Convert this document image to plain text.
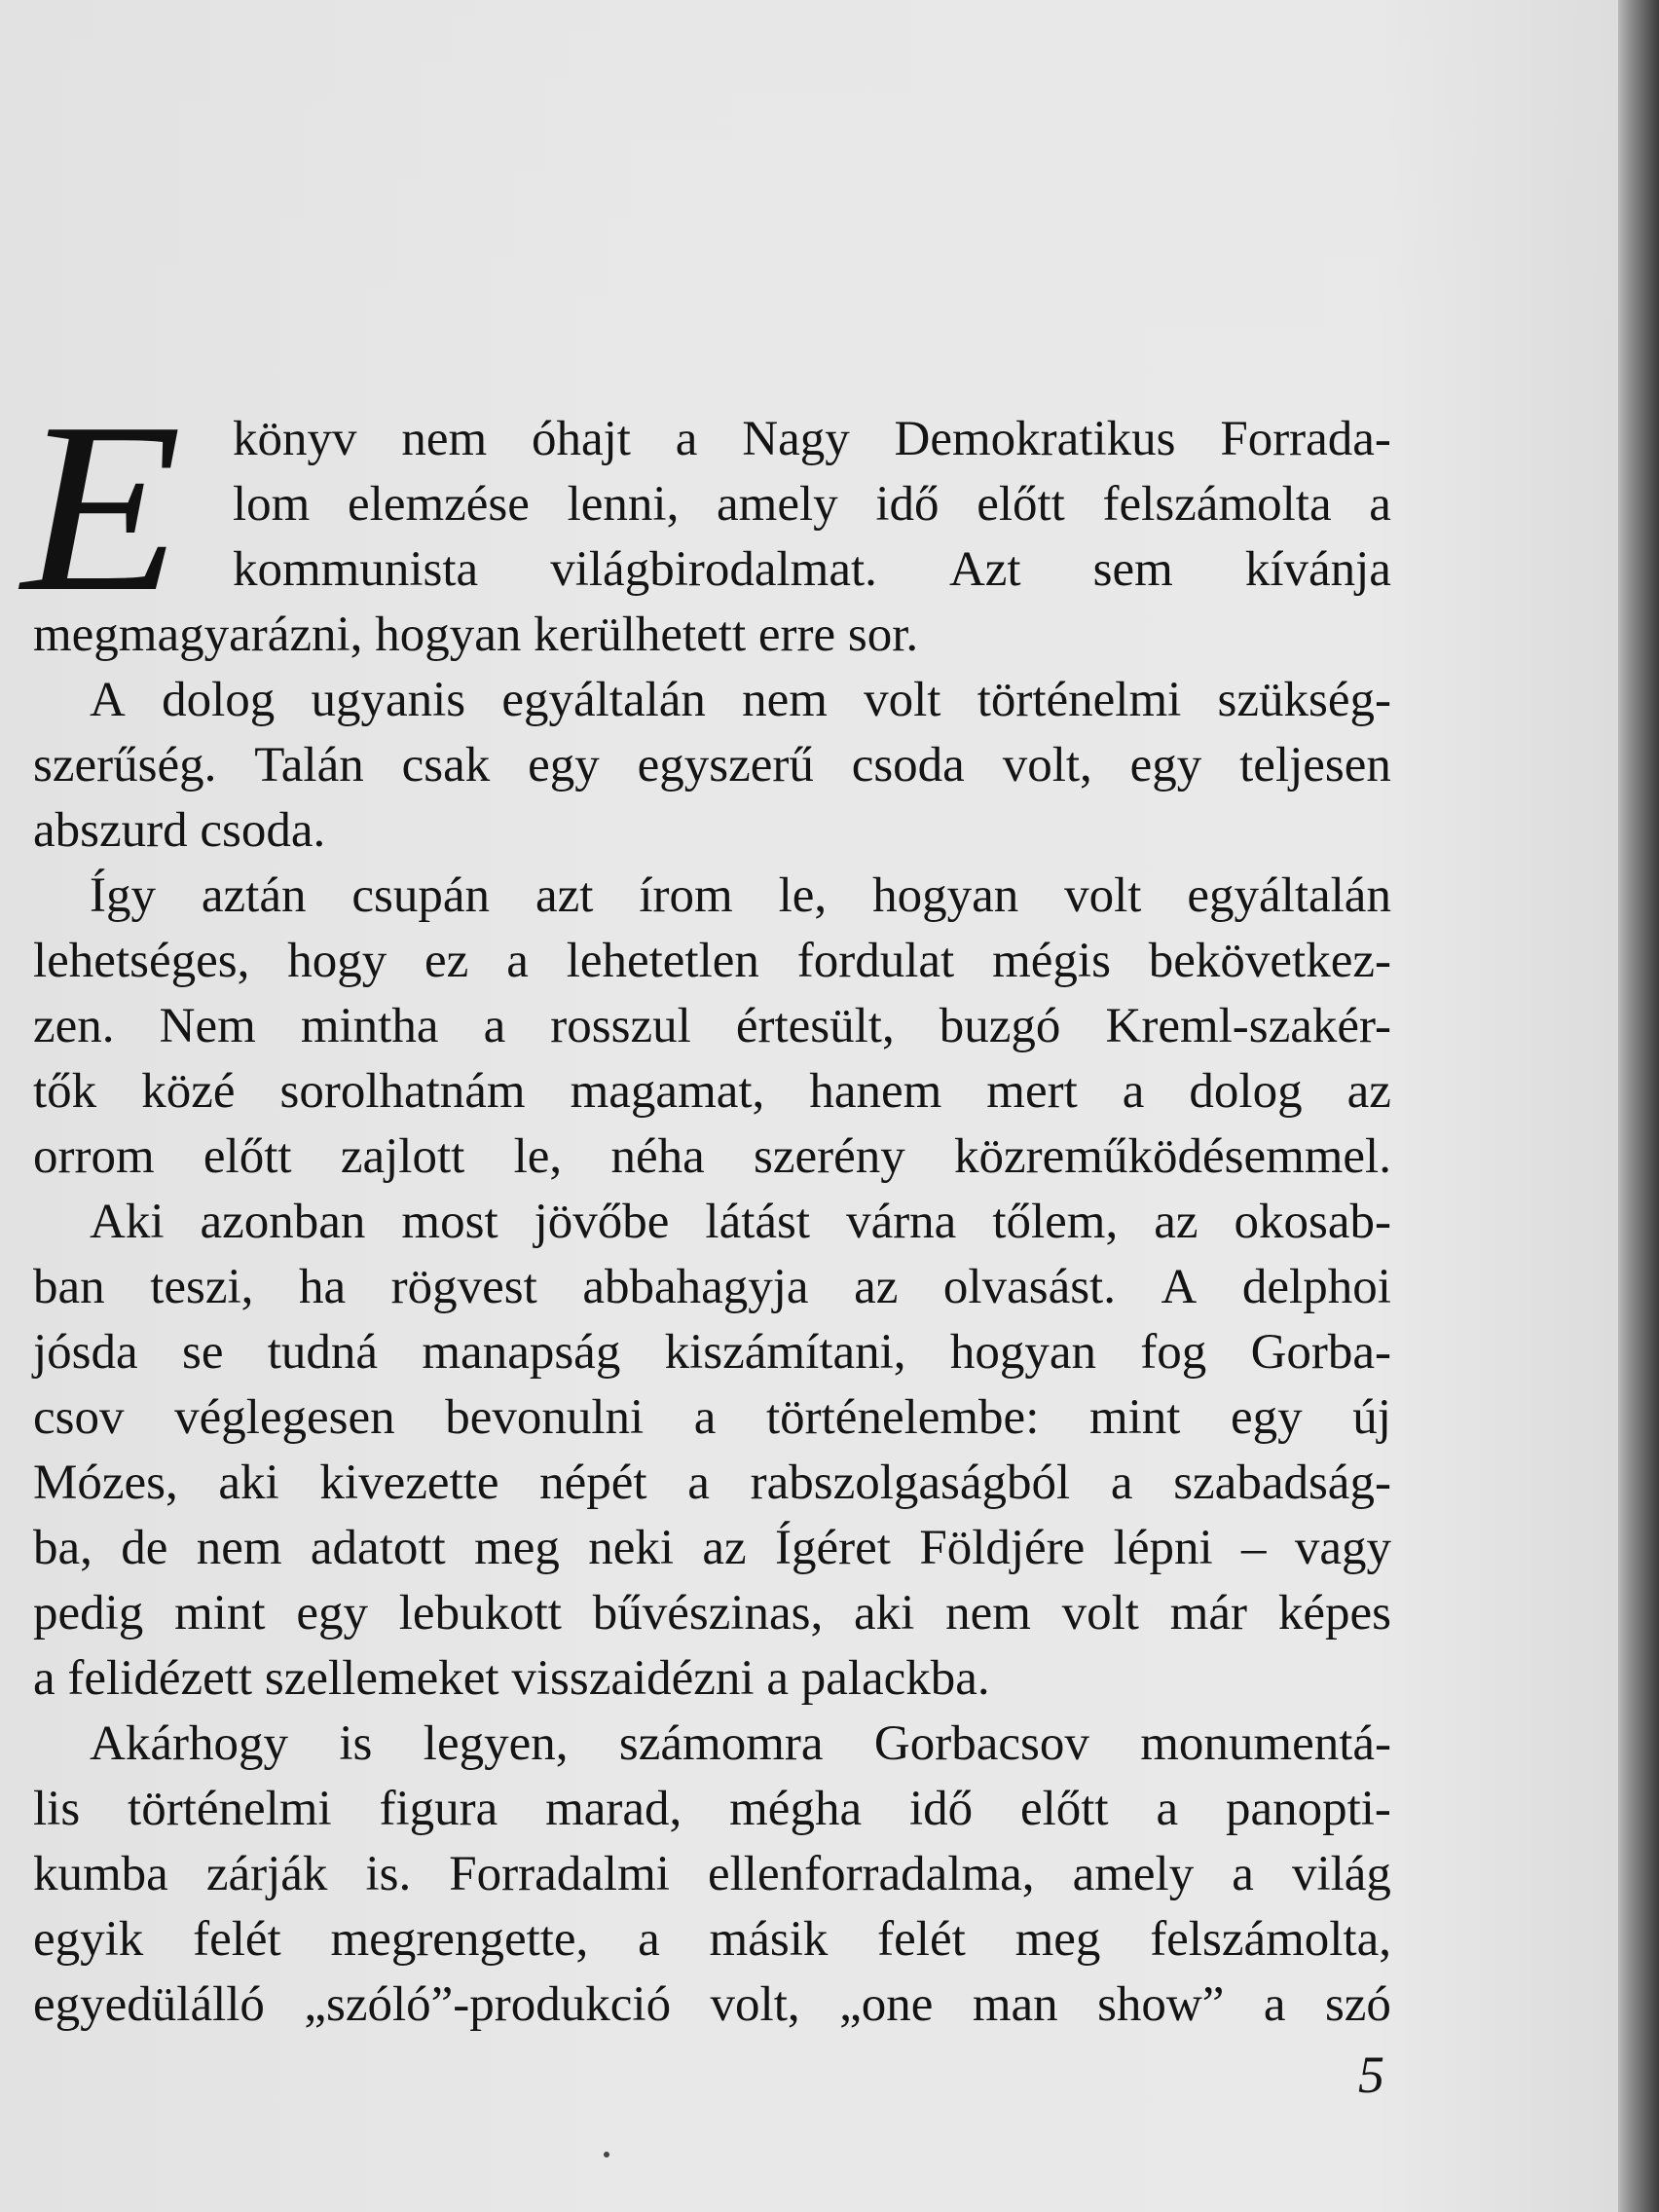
E könyv nem óhajt a Nagy Demokratikus Forrada-
lom elemzése lenni, amely idő előtt felszámolta a
kommunista világbirodalmat. Azt sem kívánja
megmagyarázni, hogyan kerülhetett erre sor.
A dolog ugyanis egyáltalán nem volt történelmi szükség-
szerűség. Talán csak egy egyszerű csoda volt, egy teljesen
abszurd csoda.
Így aztán csupán azt írom le, hogyan volt egyáltalán
lehetséges, hogy ez a lehetetlen fordulat mégis bekövetkez-
zen. Nem mintha a rosszul értesült, buzgó Kreml-szakér-
tők közé sorolhatnám magamat, hanem mert a dolog az
orrom előtt zajlott le, néha szerény közreműködésemmel.
Aki azonban most jövőbe látást várna tőlem, az okosab-
ban teszi, ha rögvest abbahagyja az olvasást. A delphoi
jósda se tudná manapság kiszámítani, hogyan fog Gorba-
csov véglegesen bevonulni a történelembe: mint egy új
Mózes, aki kivezette népét a rabszolgaságból a szabadság-
ba, de nem adatott meg neki az Ígéret Földjére lépni – vagy
pedig mint egy lebukott bűvészinas, aki nem volt már képes
a felidézett szellemeket visszaidézni a palackba.
Akárhogy is legyen, számomra Gorbacsov monumentá-
lis történelmi figura marad, mégha idő előtt a panopti-
kumba zárják is. Forradalmi ellenforradalma, amely a világ
egyik felét megrengette, a másik felét meg felszámolta,
egyedülálló „szóló”-produkció volt, „one man show” a szó
5
